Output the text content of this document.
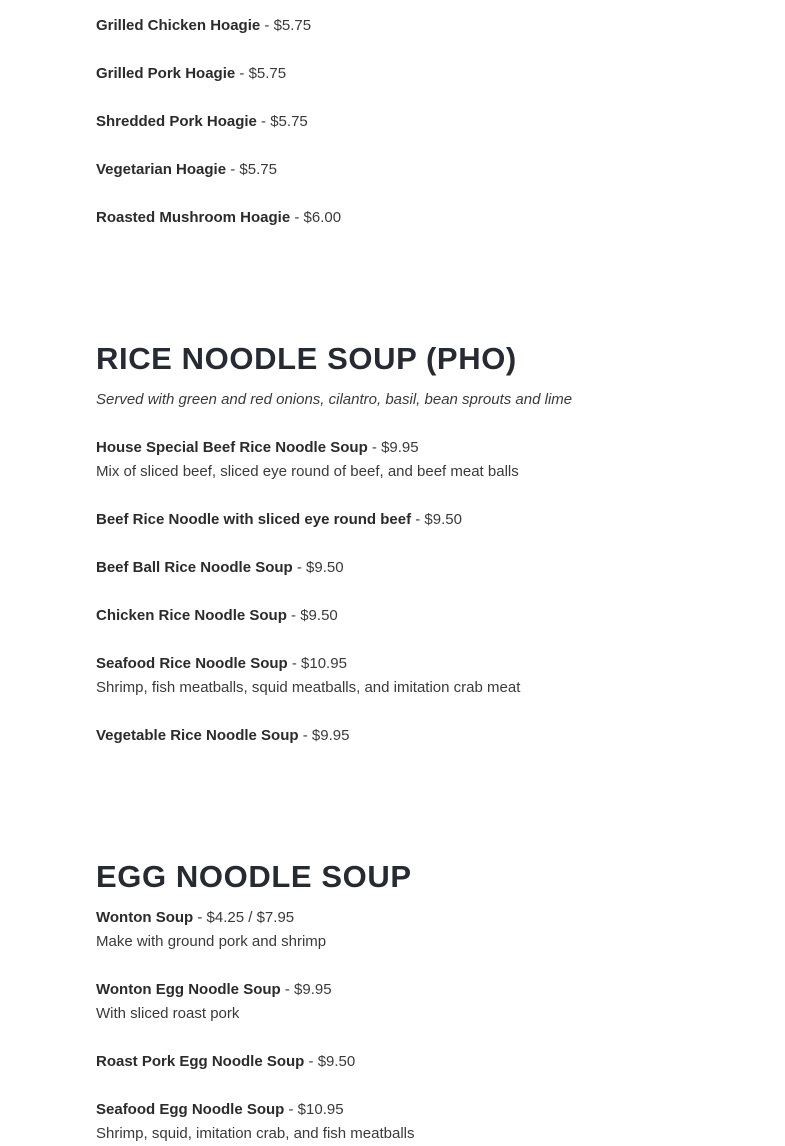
Grilled Chicken Hoagie - $5.75
Grilled Pork Hoagie - $5.75
Shredded Pork Hoagie - $5.75
Vegetarian Hoagie - $5.75
Roasted Mushroom Hoagie - $6.00
RICE NOODLE SOUP (PHO)
Served with green and red onions, cilantro, basil, bean sprouts and lime
House Special Beef Rice Noodle Soup - $9.95
Mix of sliced beef, sliced eye round of beef, and beef meat balls
Beef Rice Noodle with sliced eye round beef - $9.50
Beef Ball Rice Noodle Soup - $9.50
Chicken Rice Noodle Soup - $9.50
Seafood Rice Noodle Soup - $10.95
Shrimp, fish meatballs, squid meatballs, and imitation crab meat
Vegetable Rice Noodle Soup - $9.95
EGG NOODLE SOUP
Wonton Soup - $4.25 / $7.95
Make with ground pork and shrimp
Wonton Egg Noodle Soup - $9.95
With sliced roast pork
Roast Pork Egg Noodle Soup - $9.50
Seafood Egg Noodle Soup - $10.95
Shrimp, squid, imitation crab, and fish meatballs
